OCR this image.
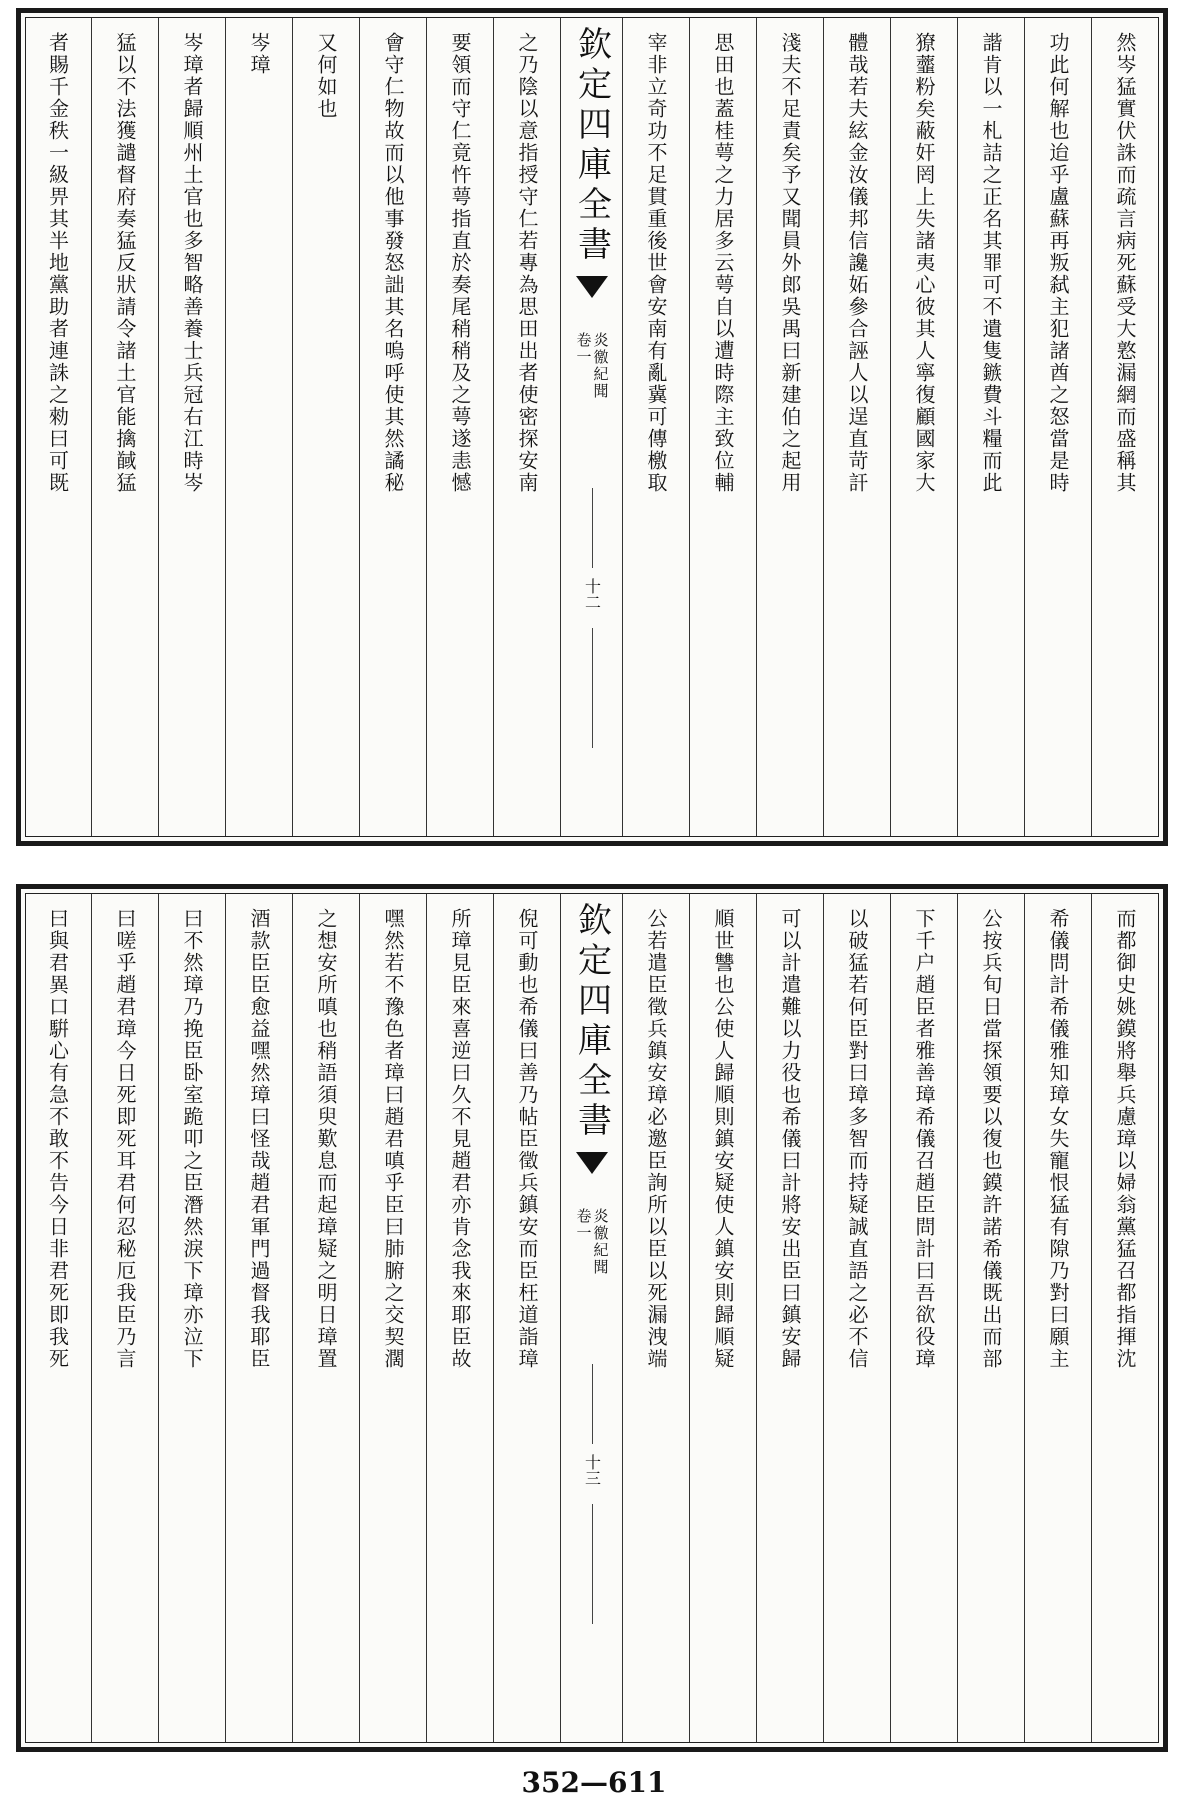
然岑猛實伏誅而疏言病死蘇受大憝漏網而盛稱其
功此何解也迨乎盧蘇再叛弑主犯諸酋之怒當是時
諧肯以一札詰之正名其罪可不遺隻鏃費斗糧而此
獠虀粉矣蔽奸罔上失諸夷心彼其人寧復顧國家大
體哉若夫絃金汝儀邦信讒妬參合誣人以逞直苛訐
淺夫不足責矣予又聞員外郎吳禺曰新建伯之起用
思田也蓋桂萼之力居多云萼自以遭時際主致位輔
宰非立奇功不足貫重後世會安南有亂冀可傳檄取
欽定四庫全書
炎徼紀聞
卷一
十二
之乃陰以意指授守仁若專為思田出者使密探安南
要領而守仁竟忤萼指直於奏尾稍稍及之萼遂恚憾
會守仁物故而以他事發怒詘其名嗚呼使其然譎秘
又何如也
岑璋
岑璋者歸順州土官也多智略善養士兵冠右江時岑
猛以不法獲譴督府奏猛反狀請令諸土官能擒馘猛
者賜千金秩一級畀其半地黨助者連誅之勑曰可既
而都御史姚鏌將舉兵慮璋以婦翁黨猛召都指揮沈
希儀問計希儀雅知璋女失寵恨猛有隙乃對曰願主
公按兵旬日當探領要以復也鏌許諾希儀既出而部
下千户趙臣者雅善璋希儀召趙臣問計曰吾欲役璋
以破猛若何臣對曰璋多智而持疑誠直語之必不信
可以計遣難以力役也希儀曰計將安出臣曰鎮安歸
順世讐也公使人歸順則鎮安疑使人鎮安則歸順疑
公若遣臣徵兵鎮安璋必邀臣詢所以臣以死漏洩端
欽定四庫全書
炎徼紀聞
卷一
十三
倪可動也希儀曰善乃帖臣徵兵鎮安而臣枉道詣璋
所璋見臣來喜逆曰久不見趙君亦肯念我來耶臣故
嘿然若不豫色者璋曰趙君嗔乎臣曰肺腑之交契濶
之想安所嗔也稍語須臾歎息而起璋疑之明日璋置
酒款臣臣愈益嘿然璋曰怪哉趙君軍門過督我耶臣
曰不然璋乃挽臣卧室跪叩之臣潛然淚下璋亦泣下
曰嗟乎趙君璋今日死即死耳君何忍秘厄我臣乃言
曰與君異口騈心有急不敢不告今日非君死即我死
352—611
